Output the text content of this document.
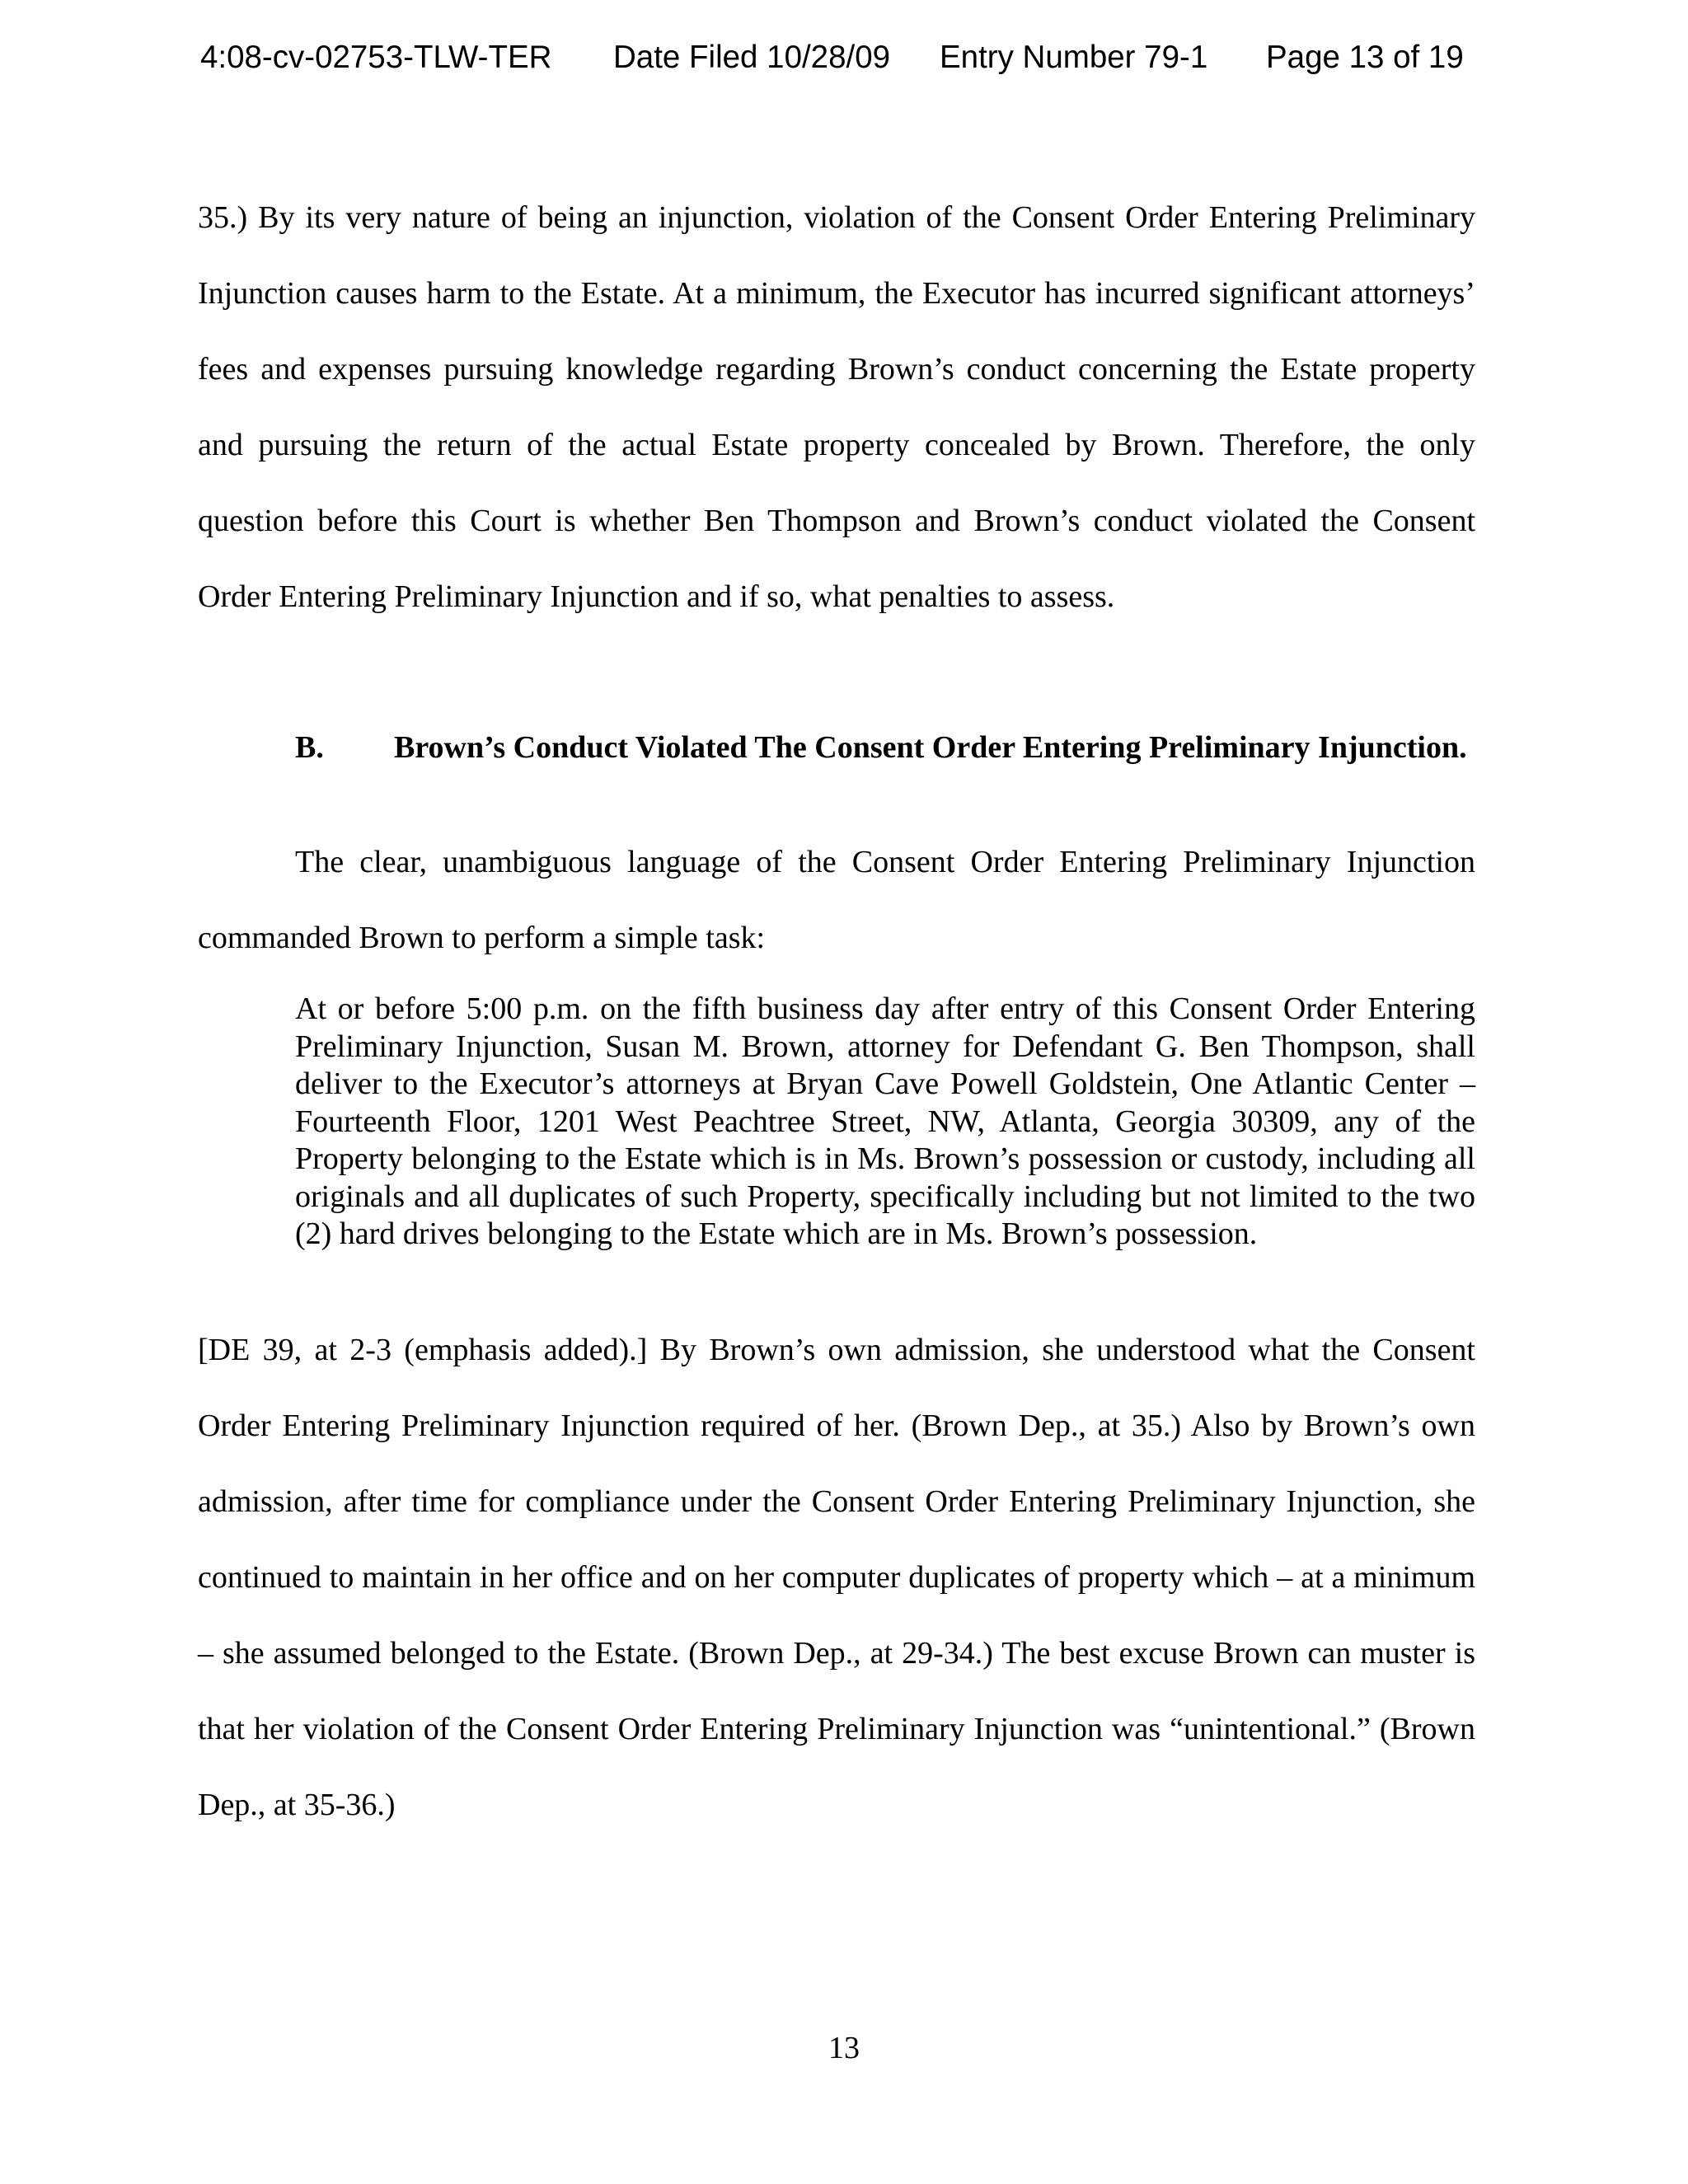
4:08-cv-02753-TLW-TER Date Filed 10/28/09 Entry Number 79-1 Page 13 of 19
35.) By its very nature of being an injunction, violation of the Consent Order Entering Preliminary Injunction causes harm to the Estate. At a minimum, the Executor has incurred significant attorneys’ fees and expenses pursuing knowledge regarding Brown’s conduct concerning the Estate property and pursuing the return of the actual Estate property concealed by Brown. Therefore, the only question before this Court is whether Ben Thompson and Brown’s conduct violated the Consent Order Entering Preliminary Injunction and if so, what penalties to assess.
B. Brown’s Conduct Violated The Consent Order Entering Preliminary Injunction.
The clear, unambiguous language of the Consent Order Entering Preliminary Injunction commanded Brown to perform a simple task:
At or before 5:00 p.m. on the fifth business day after entry of this Consent Order Entering Preliminary Injunction, Susan M. Brown, attorney for Defendant G. Ben Thompson, shall deliver to the Executor’s attorneys at Bryan Cave Powell Goldstein, One Atlantic Center – Fourteenth Floor, 1201 West Peachtree Street, NW, Atlanta, Georgia 30309, any of the Property belonging to the Estate which is in Ms. Brown’s possession or custody, including all originals and all duplicates of such Property, specifically including but not limited to the two (2) hard drives belonging to the Estate which are in Ms. Brown’s possession.
[DE 39, at 2-3 (emphasis added).] By Brown’s own admission, she understood what the Consent Order Entering Preliminary Injunction required of her. (Brown Dep., at 35.) Also by Brown’s own admission, after time for compliance under the Consent Order Entering Preliminary Injunction, she continued to maintain in her office and on her computer duplicates of property which – at a minimum – she assumed belonged to the Estate. (Brown Dep., at 29-34.) The best excuse Brown can muster is that her violation of the Consent Order Entering Preliminary Injunction was “unintentional.” (Brown Dep., at 35-36.)
13
